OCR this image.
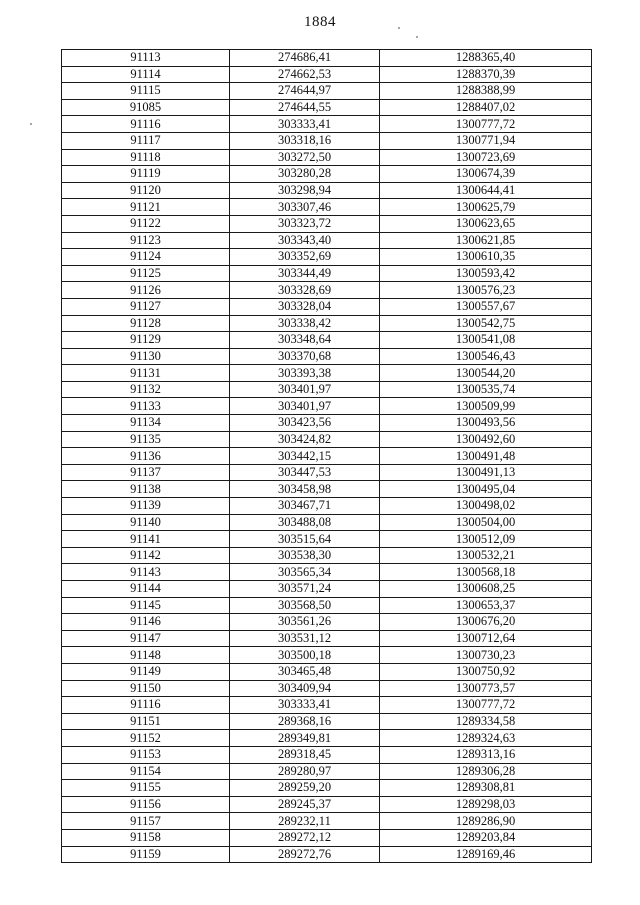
1884
91113	274686,41	1288365,40
91114	274662,53	1288370,39
91115	274644,97	1288388,99
91085	274644,55	1288407,02
91116	303333,41	1300777,72
91117	303318,16	1300771,94
91118	303272,50	1300723,69
91119	303280,28	1300674,39
91120	303298,94	1300644,41
91121	303307,46	1300625,79
91122	303323,72	1300623,65
91123	303343,40	1300621,85
91124	303352,69	1300610,35
91125	303344,49	1300593,42
91126	303328,69	1300576,23
91127	303328,04	1300557,67
91128	303338,42	1300542,75
91129	303348,64	1300541,08
91130	303370,68	1300546,43
91131	303393,38	1300544,20
91132	303401,97	1300535,74
91133	303401,97	1300509,99
91134	303423,56	1300493,56
91135	303424,82	1300492,60
91136	303442,15	1300491,48
91137	303447,53	1300491,13
91138	303458,98	1300495,04
91139	303467,71	1300498,02
91140	303488,08	1300504,00
91141	303515,64	1300512,09
91142	303538,30	1300532,21
91143	303565,34	1300568,18
91144	303571,24	1300608,25
91145	303568,50	1300653,37
91146	303561,26	1300676,20
91147	303531,12	1300712,64
91148	303500,18	1300730,23
91149	303465,48	1300750,92
91150	303409,94	1300773,57
91116	303333,41	1300777,72
91151	289368,16	1289334,58
91152	289349,81	1289324,63
91153	289318,45	1289313,16
91154	289280,97	1289306,28
91155	289259,20	1289308,81
91156	289245,37	1289298,03
91157	289232,11	1289286,90
91158	289272,12	1289203,84
91159	289272,76	1289169,46
